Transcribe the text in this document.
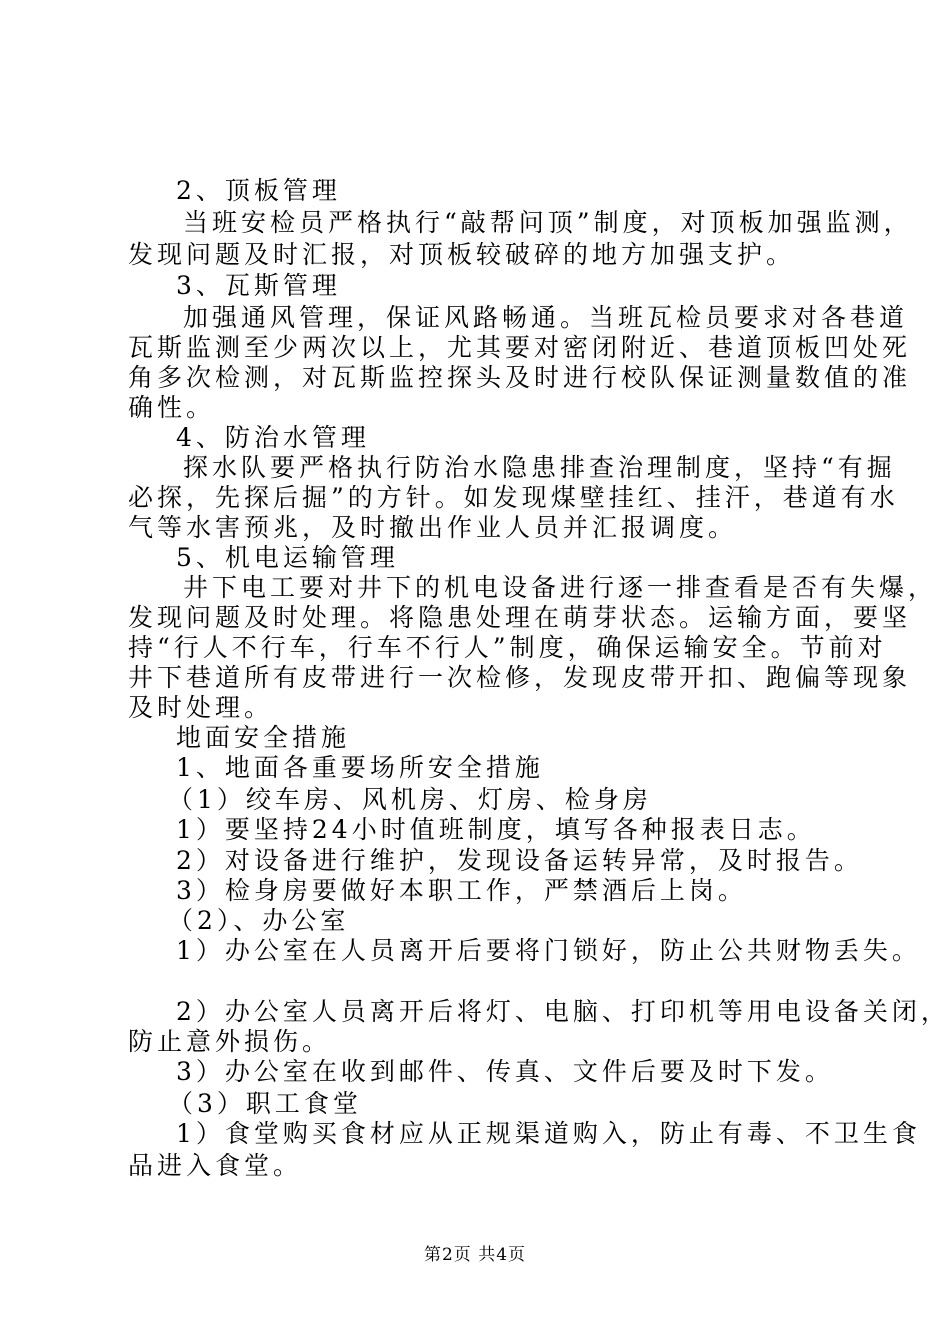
2、顶板管理
当班安检员严格执行“敲帮问顶”制度，对顶板加强监测，
发现问题及时汇报，对顶板较破碎的地方加强支护。
3、瓦斯管理
加强通风管理，保证风路畅通。当班瓦检员要求对各巷道
瓦斯监测至少两次以上，尤其要对密闭附近、巷道顶板凹处死
角多次检测，对瓦斯监控探头及时进行校队保证测量数值的准
确性。
4、防治水管理
探水队要严格执行防治水隐患排查治理制度，坚持“有掘
必探，先探后掘”的方针。如发现煤壁挂红、挂汗，巷道有水
气等水害预兆，及时撤出作业人员并汇报调度。
5、机电运输管理
井下电工要对井下的机电设备进行逐一排查看是否有失爆，
发现问题及时处理。将隐患处理在萌芽状态。运输方面，要坚
持“行人不行车，行车不行人”制度，确保运输安全。节前对
井下巷道所有皮带进行一次检修，发现皮带开扣、跑偏等现象
及时处理。
地面安全措施
1、地面各重要场所安全措施
（1）绞车房、风机房、灯房、检身房
1）要坚持24小时值班制度，填写各种报表日志。
2）对设备进行维护，发现设备运转异常，及时报告。
3）检身房要做好本职工作，严禁酒后上岗。
（2）、办公室
1）办公室在人员离开后要将门锁好，防止公共财物丢失。
2）办公室人员离开后将灯、电脑、打印机等用电设备关闭，
防止意外损伤。
3）办公室在收到邮件、传真、文件后要及时下发。
（3）职工食堂
1）食堂购买食材应从正规渠道购入，防止有毒、不卫生食
品进入食堂。
第2页 共4页
